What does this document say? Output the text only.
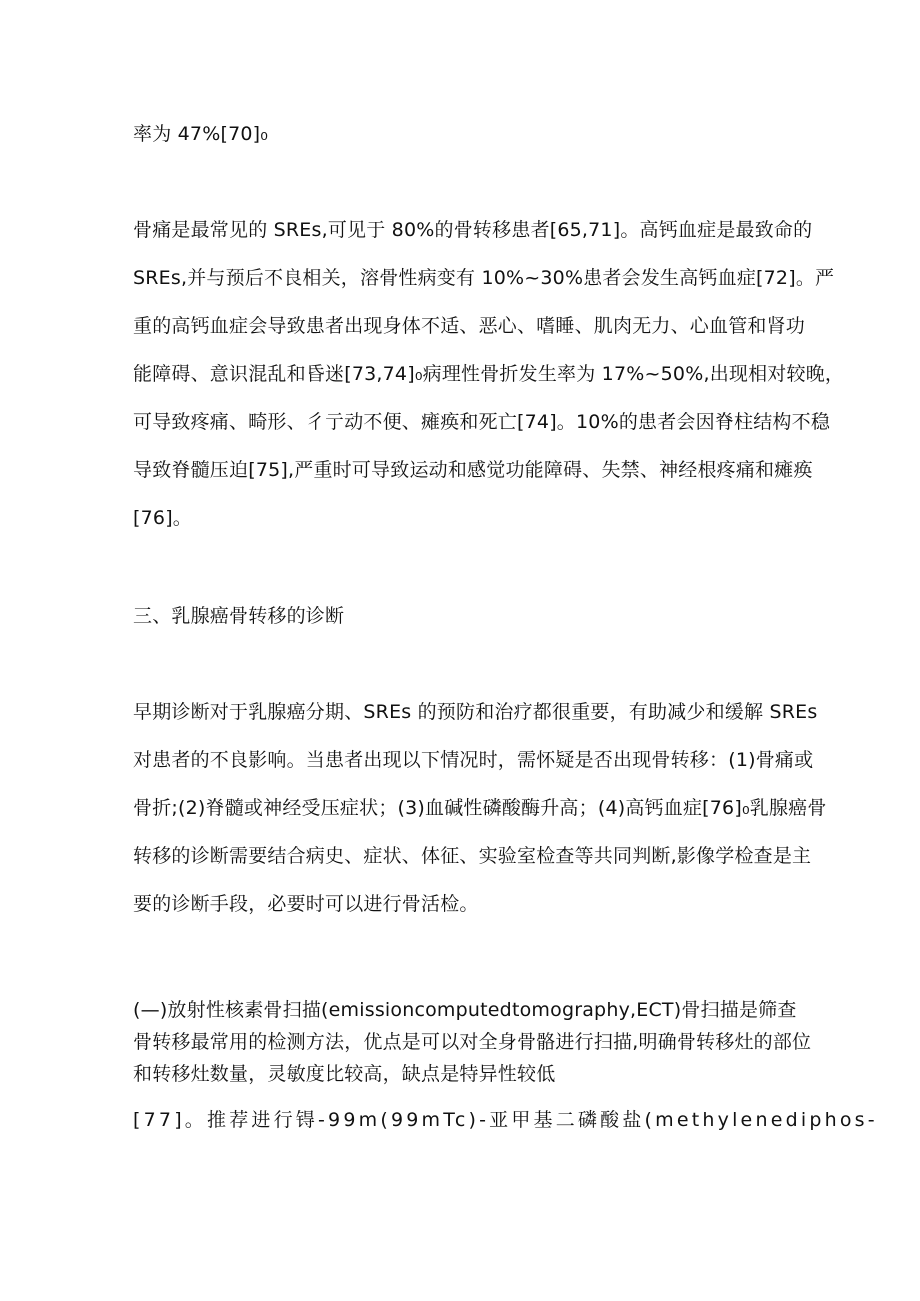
率为 47%[70]₀
骨痛是最常见的 SREs,可见于 80%的骨转移患者[65,71]。高钙血症是最致命的
SREs,并与预后不良相关，溶骨性病变有 10%~30%患者会发生高钙血症[72]。严
重的高钙血症会导致患者出现身体不适、恶心、嗜睡、肌肉无力、心血管和肾功
能障碍、意识混乱和昏迷[73,74]₀病理性骨折发生率为 17%~50%,出现相对较晚，
可导致疼痛、畸形、彳亍动不便、瘫痪和死亡[74]。10%的患者会因脊柱结构不稳
导致脊髓压迫[75],严重时可导致运动和感觉功能障碍、失禁、神经根疼痛和瘫痪
[76]。
三、乳腺癌骨转移的诊断
早期诊断对于乳腺癌分期、SREs 的预防和治疗都很重要，有助减少和缓解 SREs
对患者的不良影响。当患者出现以下情况时，需怀疑是否出现骨转移：(1)骨痛或
骨折;(2)脊髓或神经受压症状；(3)血碱性磷酸酶升高；(4)高钙血症[76]₀乳腺癌骨
转移的诊断需要结合病史、症状、体征、实验室检查等共同判断,影像学检查是主
要的诊断手段，必要时可以进行骨活检。
(—)放射性核素骨扫描(emissioncomputedtomography,ECT)骨扫描是筛查
骨转移最常用的检测方法，优点是可以对全身骨骼进行扫描,明确骨转移灶的部位
和转移灶数量，灵敏度比较高，缺点是特异性较低
[77]。推荐进行锝-99m(99mTc)-亚甲基二磷酸盐(methylenediphos-
